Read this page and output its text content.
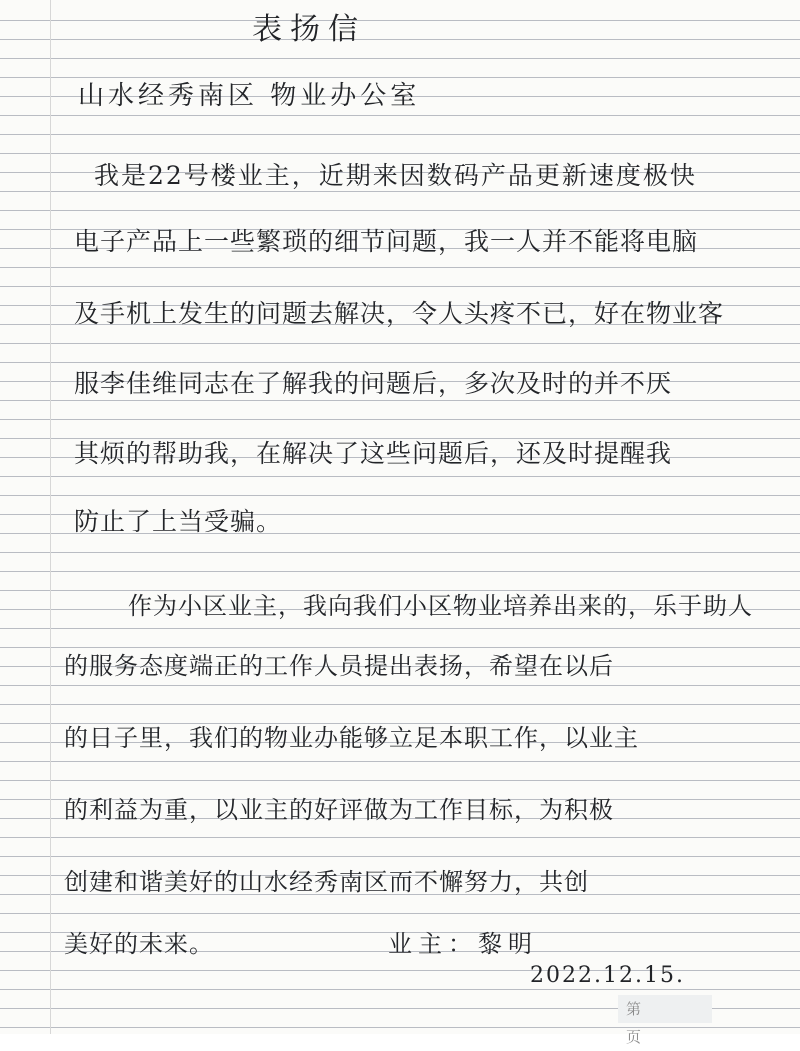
表扬信

山水经秀南区 物业办公室

我是22号楼业主，近期来因数码产品更新速度极快

电子产品上一些繁琐的细节问题，我一人并不能将电脑

及手机上发生的问题去解决，令人头疼不已，好在物业客

服李佳维同志在了解我的问题后，多次及时的并不厌

其烦的帮助我，在解决了这些问题后，还及时提醒我

防止了上当受骗。

作为小区业主，我向我们小区物业培养出来的，乐于助人

的服务态度端正的工作人员提出表扬，希望在以后

的日子里，我们的物业办能够立足本职工作，以业主

的利益为重，以业主的好评做为工作目标，为积极

创建和谐美好的山水经秀南区而不懈努力，共创

美好的未来。	业主：黎明

2022.12.15.

第 页
